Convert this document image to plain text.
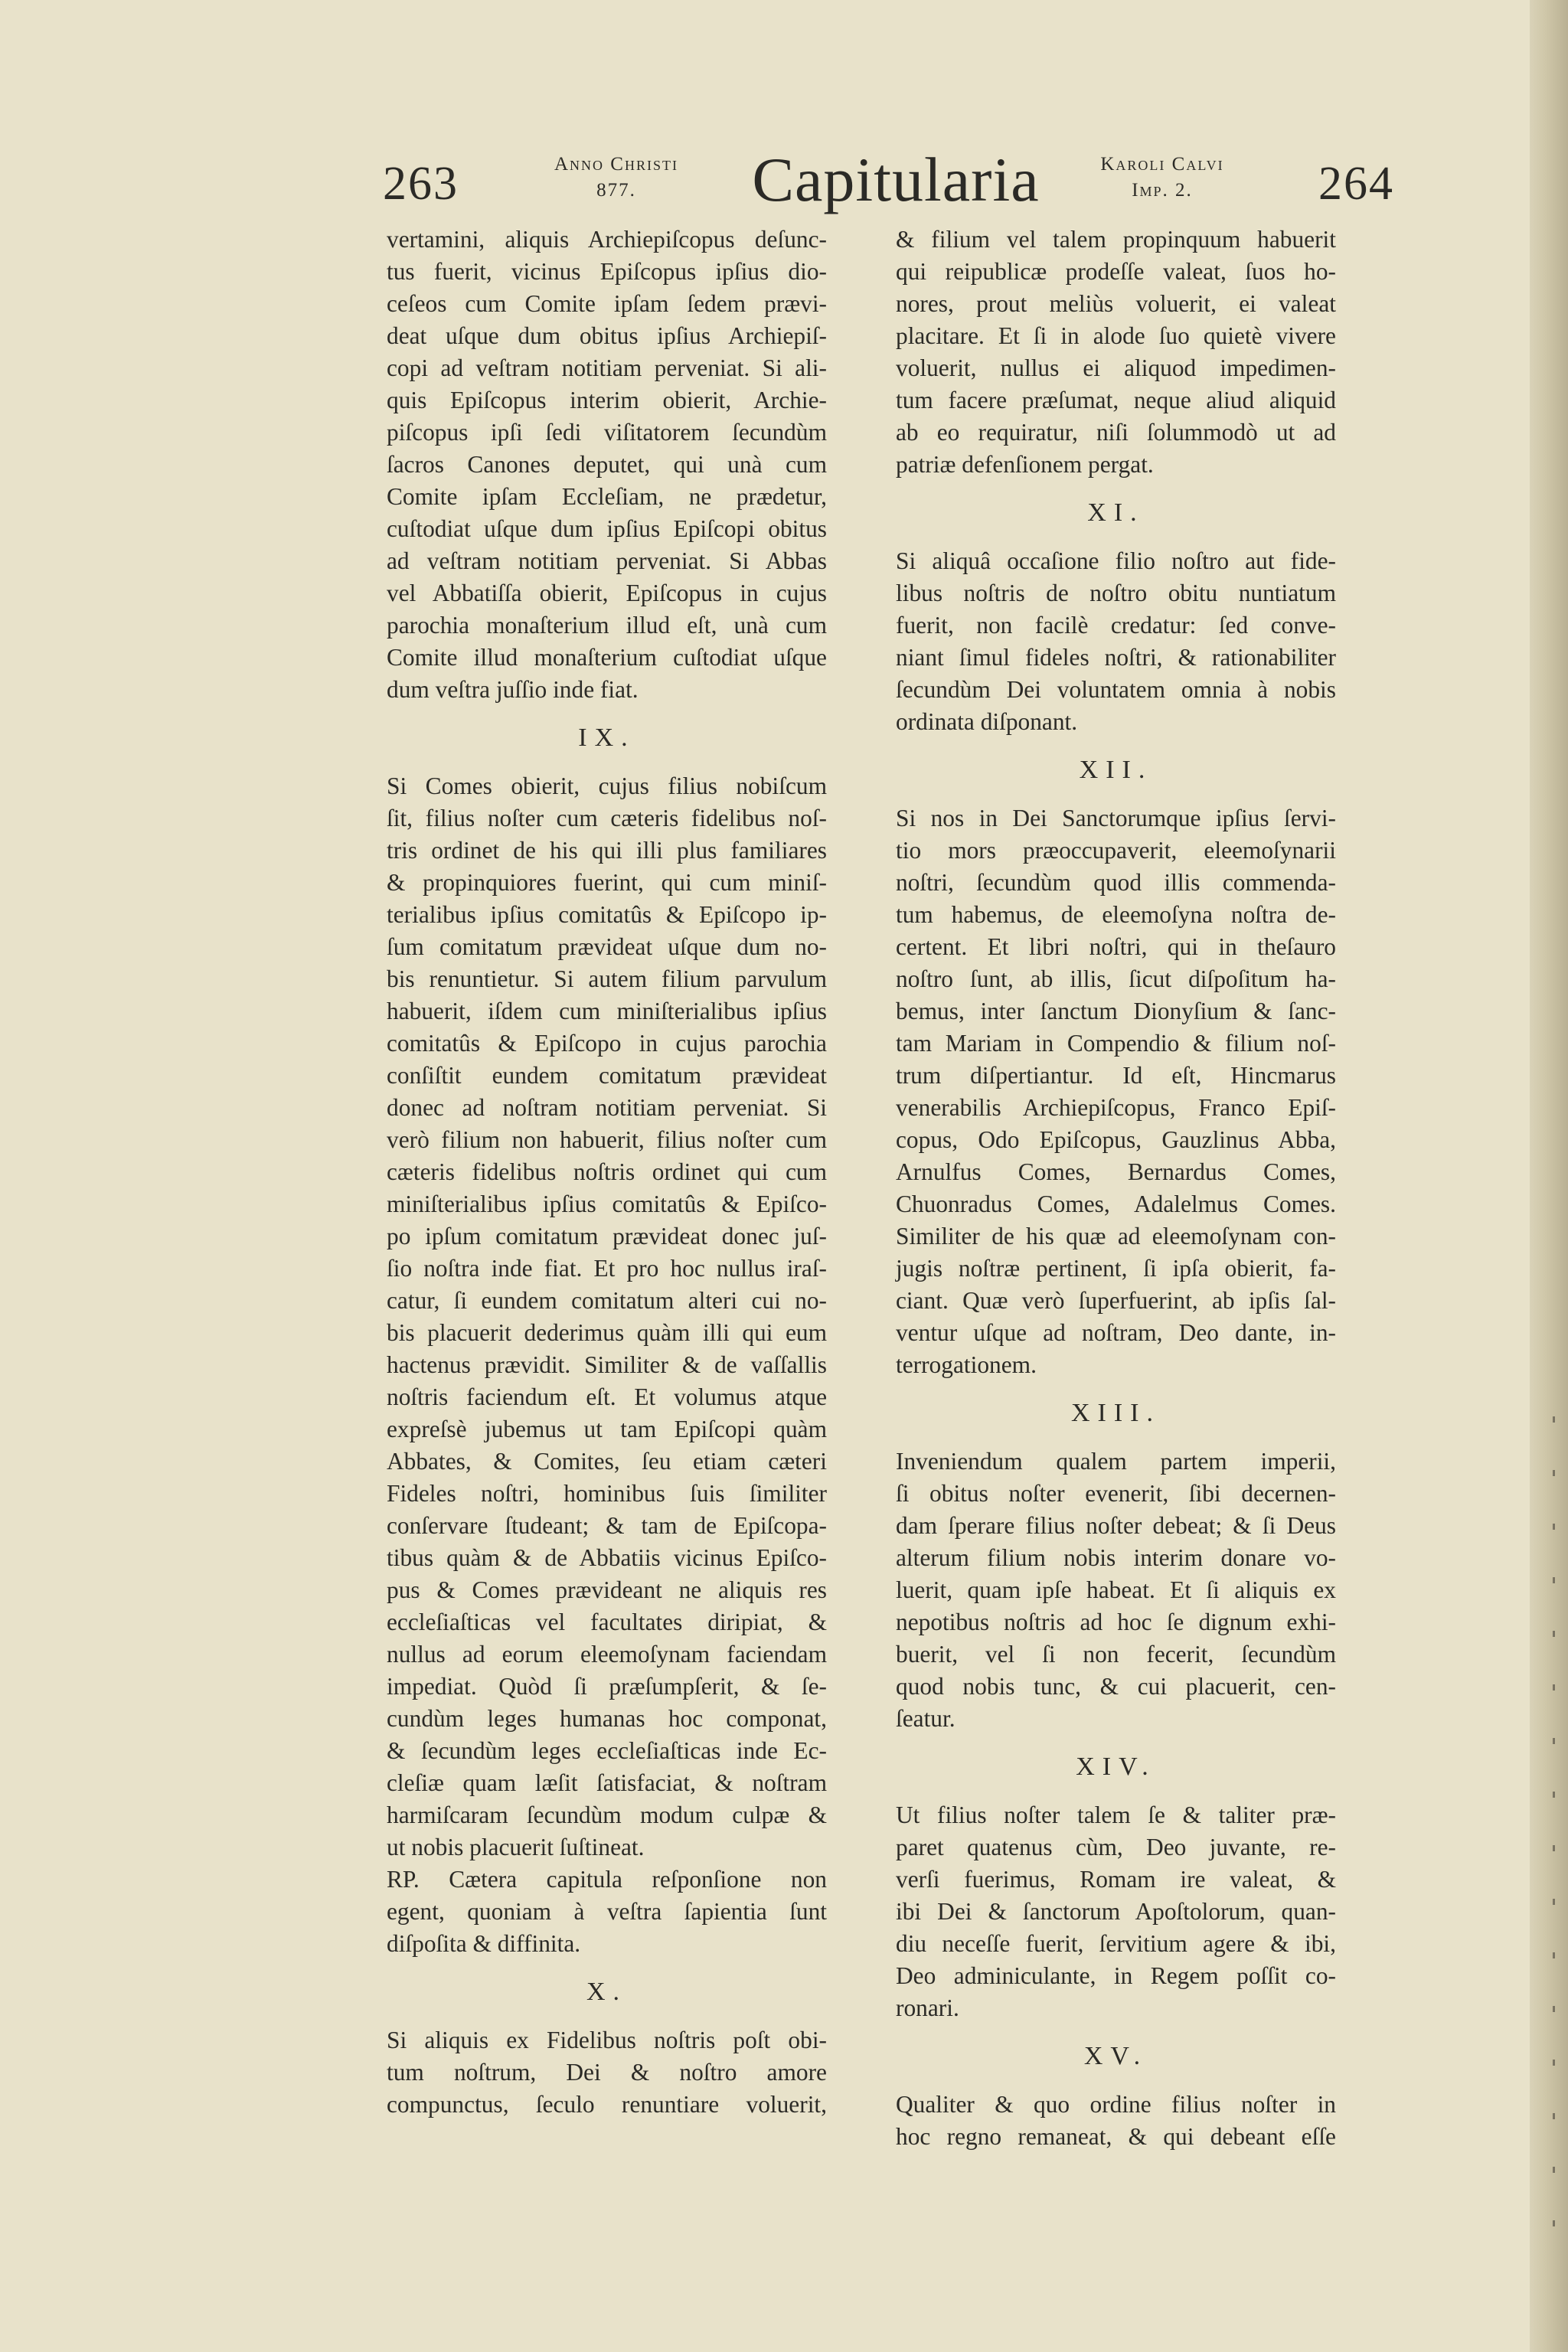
263	Anno Christi
877.	Capitularia	Karoli Calvi
Imp. 2.	264
vertamini, aliquis Archiepiſcopus deſunc-
tus fuerit, vicinus Epiſcopus ipſius dio-
ceſeos cum Comite ipſam ſedem prævi-
deat uſque dum obitus ipſius Archiepiſ-
copi ad veſtram notitiam perveniat. Si ali-
quis Epiſcopus interim obierit, Archie-
piſcopus ipſi ſedi viſitatorem ſecundùm
ſacros Canones deputet, qui unà cum
Comite ipſam Eccleſiam, ne prædetur,
cuſtodiat uſque dum ipſius Epiſcopi obitus
ad veſtram notitiam perveniat. Si Abbas
vel Abbatiſſa obierit, Epiſcopus in cujus
parochia monaſterium illud eſt, unà cum
Comite illud monaſterium cuſtodiat uſque
dum veſtra juſſio inde fiat.
IX.
Si Comes obierit, cujus filius nobiſcum
ſit, filius noſter cum cæteris fidelibus noſ-
tris ordinet de his qui illi plus familiares
& propinquiores fuerint, qui cum miniſ-
terialibus ipſius comitatûs & Epiſcopo ip-
ſum comitatum prævideat uſque dum no-
bis renuntietur. Si autem filium parvulum
habuerit, iſdem cum miniſterialibus ipſius
comitatûs & Epiſcopo in cujus parochia
conſiſtit eundem comitatum prævideat
donec ad noſtram notitiam perveniat. Si
verò filium non habuerit, filius noſter cum
cæteris fidelibus noſtris ordinet qui cum
miniſterialibus ipſius comitatûs & Epiſco-
po ipſum comitatum prævideat donec juſ-
ſio noſtra inde fiat. Et pro hoc nullus iraſ-
catur, ſi eundem comitatum alteri cui no-
bis placuerit dederimus quàm illi qui eum
hactenus prævidit. Similiter & de vaſſallis
noſtris faciendum eſt. Et volumus atque
expreſsè jubemus ut tam Epiſcopi quàm
Abbates, & Comites, ſeu etiam cæteri
Fideles noſtri, hominibus ſuis ſimiliter
conſervare ſtudeant; & tam de Epiſcopa-
tibus quàm & de Abbatiis vicinus Epiſco-
pus & Comes prævideant ne aliquis res
eccleſiaſticas vel facultates diripiat, &
nullus ad eorum eleemoſynam faciendam
impediat. Quòd ſi præſumpſerit, & ſe-
cundùm leges humanas hoc componat,
& ſecundùm leges eccleſiaſticas inde Ec-
cleſiæ quam læſit ſatisfaciat, & noſtram
harmiſcaram ſecundùm modum culpæ &
ut nobis placuerit ſuſtineat.
RP. Cætera capitula reſponſione non
egent, quoniam à veſtra ſapientia ſunt
diſpoſita & diffinita.
X.
Si aliquis ex Fidelibus noſtris poſt obi-
tum noſtrum, Dei & noſtro amore
compunctus, ſeculo renuntiare voluerit,
& filium vel talem propinquum habuerit
qui reipublicæ prodeſſe valeat, ſuos ho-
nores, prout meliùs voluerit, ei valeat
placitare. Et ſi in alode ſuo quietè vivere
voluerit, nullus ei aliquod impedimen-
tum facere præſumat, neque aliud aliquid
ab eo requiratur, niſi ſolummodò ut ad
patriæ defenſionem pergat.
XI.
Si aliquâ occaſione filio noſtro aut fide-
libus noſtris de noſtro obitu nuntiatum
fuerit, non facilè credatur: ſed conve-
niant ſimul fideles noſtri, & rationabiliter
ſecundùm Dei voluntatem omnia à nobis
ordinata diſponant.
XII.
Si nos in Dei Sanctorumque ipſius ſervi-
tio mors præoccupaverit, eleemoſynarii
noſtri, ſecundùm quod illis commenda-
tum habemus, de eleemoſyna noſtra de-
certent. Et libri noſtri, qui in theſauro
noſtro ſunt, ab illis, ſicut diſpoſitum ha-
bemus, inter ſanctum Dionyſium & ſanc-
tam Mariam in Compendio & filium noſ-
trum diſpertiantur. Id eſt, Hincmarus
venerabilis Archiepiſcopus, Franco Epiſ-
copus, Odo Epiſcopus, Gauzlinus Abba,
Arnulfus Comes, Bernardus Comes,
Chuonradus Comes, Adalelmus Comes.
Similiter de his quæ ad eleemoſynam con-
jugis noſtræ pertinent, ſi ipſa obierit, fa-
ciant. Quæ verò ſuperfuerint, ab ipſis ſal-
ventur uſque ad noſtram, Deo dante, in-
terrogationem.
XIII.
Inveniendum qualem partem imperii,
ſi obitus noſter evenerit, ſibi decernen-
dam ſperare filius noſter debeat; & ſi Deus
alterum filium nobis interim donare vo-
luerit, quam ipſe habeat. Et ſi aliquis ex
nepotibus noſtris ad hoc ſe dignum exhi-
buerit, vel ſi non fecerit, ſecundùm
quod nobis tunc, & cui placuerit, cen-
ſeatur.
XIV.
Ut filius noſter talem ſe & taliter præ-
paret quatenus cùm, Deo juvante, re-
verſi fuerimus, Romam ire valeat, &
ibi Dei & ſanctorum Apoſtolorum, quan-
diu neceſſe fuerit, ſervitium agere & ibi,
Deo adminiculante, in Regem poſſit co-
ronari.
XV.
Qualiter & quo ordine filius noſter in
hoc regno remaneat, & qui debeant eſſe
